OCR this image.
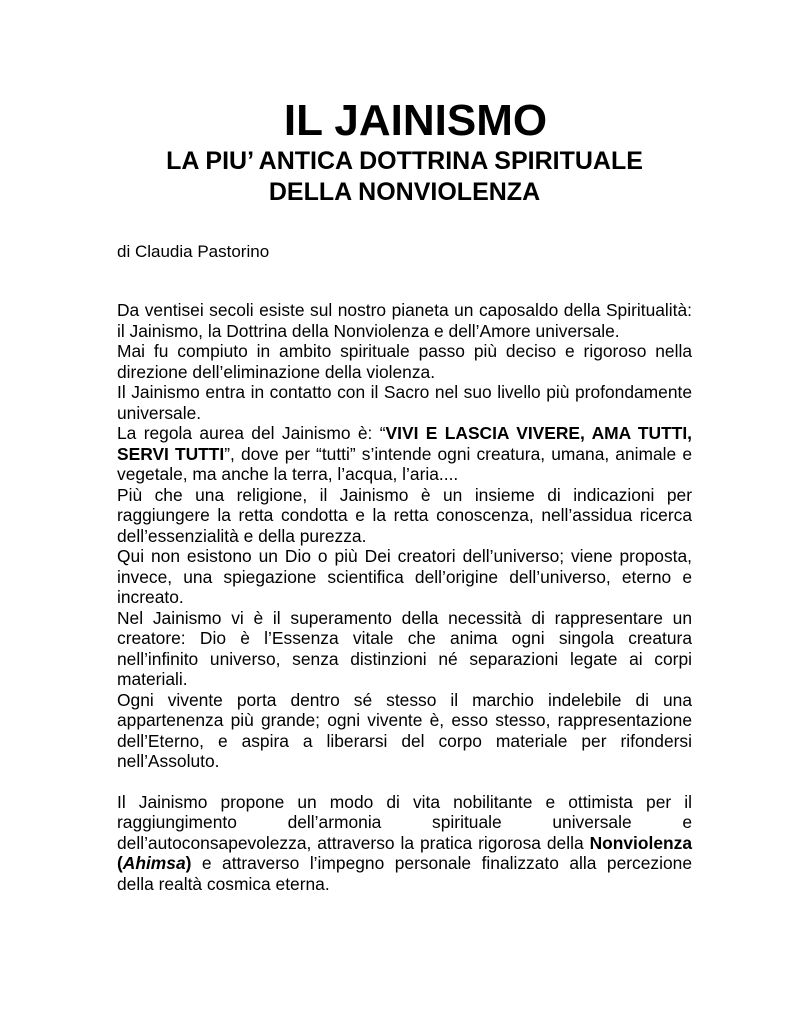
IL JAINISMO
LA PIU’ ANTICA DOTTRINA SPIRITUALE
DELLA NONVIOLENZA
di Claudia Pastorino

Da ventisei secoli esiste sul nostro pianeta un caposaldo della Spiritualità: il Jainismo, la Dottrina della Nonviolenza e dell’Amore universale.

Mai fu compiuto in ambito spirituale passo più deciso e rigoroso nella direzione dell’eliminazione della violenza.

Il Jainismo entra in contatto con il Sacro nel suo livello più profondamente universale.

La regola aurea del Jainismo è: “VIVI E LASCIA VIVERE, AMA TUTTI, SERVI TUTTI”, dove per “tutti” s’intende ogni creatura, umana, animale e vegetale, ma anche la terra, l’acqua, l’aria....

Più che una religione, il Jainismo è un insieme di indicazioni per raggiungere la retta condotta e la retta conoscenza, nell’assidua ricerca dell’essenzialità e della purezza.

Qui non esistono un Dio o più Dei creatori dell’universo; viene proposta, invece, una spiegazione scientifica dell’origine dell’universo, eterno e increato.

Nel Jainismo vi è il superamento della necessità di rappresentare un creatore: Dio è l’Essenza vitale che anima ogni singola creatura nell’infinito universo, senza distinzioni né separazioni legate ai corpi materiali.

Ogni vivente porta dentro sé stesso il marchio indelebile di una appartenenza più grande; ogni vivente è, esso stesso, rappresentazione dell’Eterno, e aspira a liberarsi del corpo materiale per rifondersi nell’Assoluto.

Il Jainismo propone un modo di vita nobilitante e ottimista per il raggiungimento dell’armonia spirituale universale e dell’autoconsapevolezza, attraverso la pratica rigorosa della Nonviolenza (Ahimsa) e attraverso l’impegno personale finalizzato alla percezione della realtà cosmica eterna.
